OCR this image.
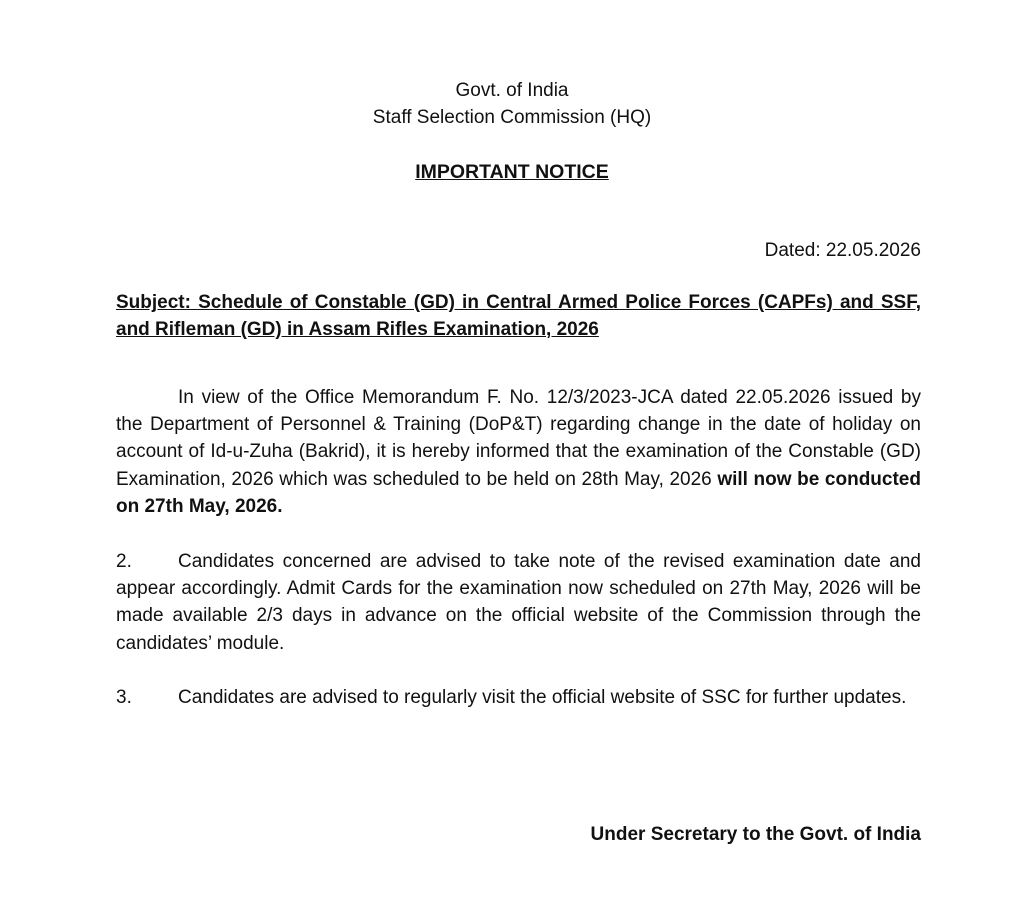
Govt. of India
Staff Selection Commission (HQ)
IMPORTANT NOTICE
Dated: 22.05.2026
Subject: Schedule of Constable (GD) in Central Armed Police Forces (CAPFs) and SSF, and Rifleman (GD) in Assam Rifles Examination, 2026
In view of the Office Memorandum F. No. 12/3/2023-JCA dated 22.05.2026 issued by the Department of Personnel & Training (DoP&T) regarding change in the date of holiday on account of Id-u-Zuha (Bakrid), it is hereby informed that the examination of the Constable (GD) Examination, 2026 which was scheduled to be held on 28th May, 2026 will now be conducted on 27th May, 2026.
2. Candidates concerned are advised to take note of the revised examination date and appear accordingly. Admit Cards for the examination now scheduled on 27th May, 2026 will be made available 2/3 days in advance on the official website of the Commission through the candidates’ module.
3. Candidates are advised to regularly visit the official website of SSC for further updates.
Under Secretary to the Govt. of India
